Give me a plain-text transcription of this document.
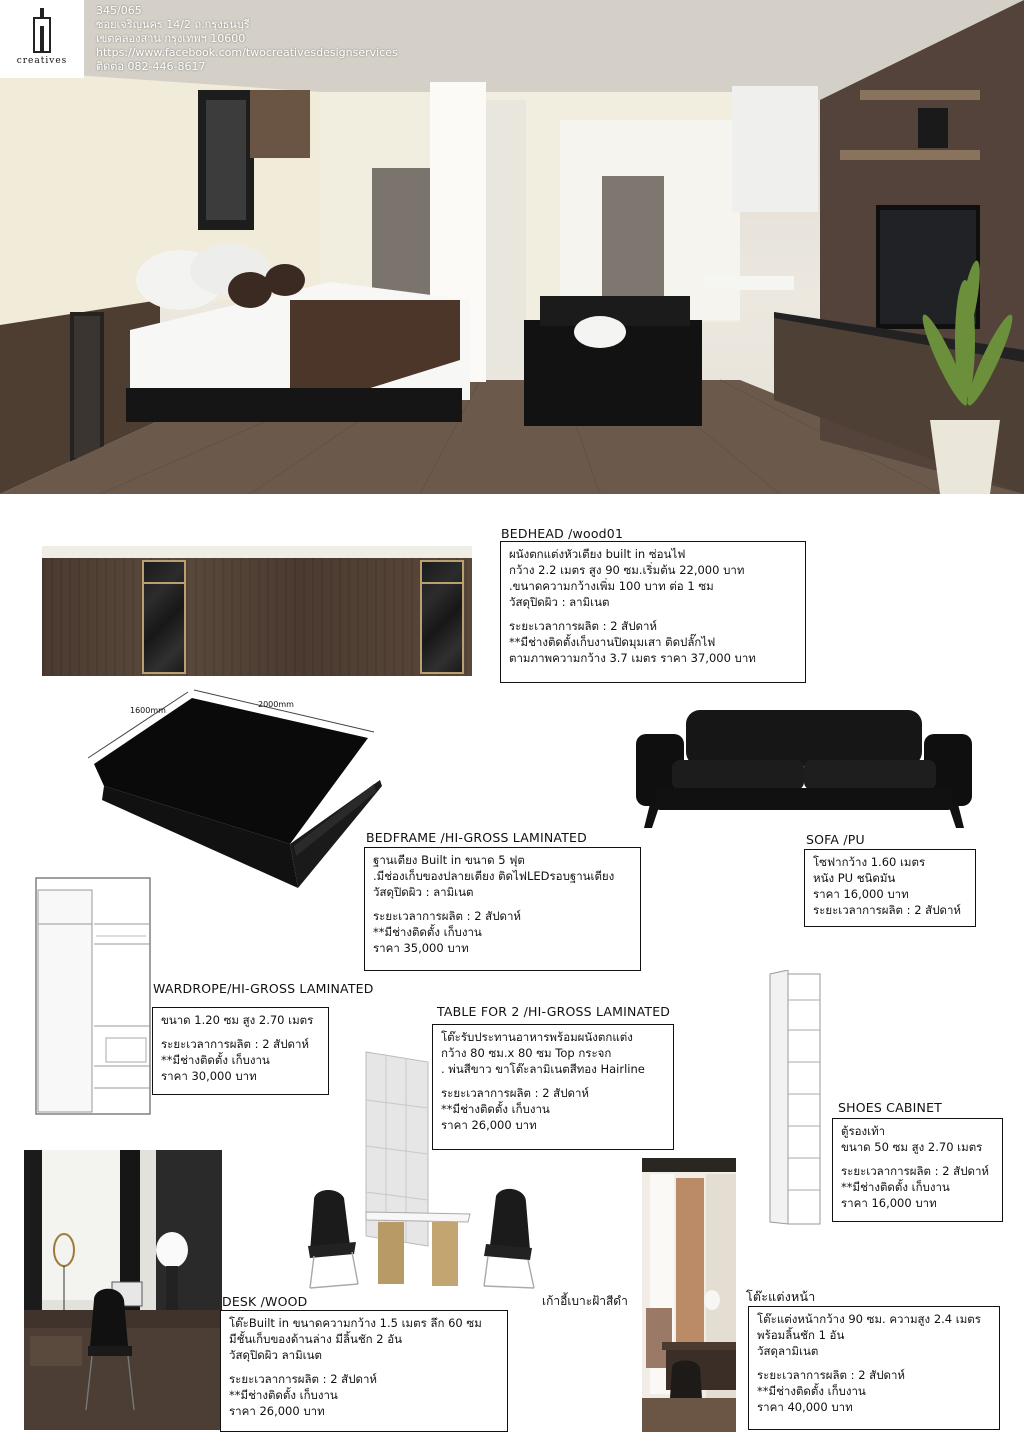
creatives
345/065
ซอยเจริญนคร 14/2 ถ.กรุงธนบุรี
เขตคลองสาน กรุงเทพฯ 10600
https://www.facebook.com/twocreativesdesignservices
ติดต่อ 082-446-8617
BEDHEAD /wood01
ผนังตกแต่งหัวเตียง built in ซ่อนไฟ
กว้าง 2.2 เมตร สูง 90 ซม.เริ่มต้น 22,000 บาท
.ขนาดความกว้างเพิ่ม 100 บาท ต่อ 1 ซม
วัสดุปิดผิว : ลามิเนต
ระยะเวลาการผลิต : 2 สัปดาห์
**มีช่างติดตั้งเก็บงานปิดมุมเสา ติดปลั๊กไฟ
ตามภาพความกว้าง 3.7 เมตร ราคา 37,000 บาท
1600mm
2000mm
BEDFRAME /HI-GROSS LAMINATED
ฐานเตียง Built in ขนาด 5 ฟุต
.มีช่องเก็บของปลายเตียง ติดไฟLEDรอบฐานเตียง
วัสดุปิดผิว : ลามิเนต
ระยะเวลาการผลิต : 2 สัปดาห์
**มีช่างติดตั้ง เก็บงาน
ราคา 35,000 บาท
SOFA /PU
โซฟากว้าง 1.60 เมตร
หนัง PU ชนิดมัน
ราคา 16,000 บาท
ระยะเวลาการผลิต : 2 สัปดาห์
WARDROPE/HI-GROSS LAMINATED
ขนาด 1.20 ซม สูง 2.70 เมตร
ระยะเวลาการผลิต : 2 สัปดาห์
**มีช่างติดตั้ง เก็บงาน
ราคา 30,000 บาท
TABLE FOR 2 /HI-GROSS LAMINATED
โต๊ะรับประทานอาหารพร้อมผนังตกแต่ง
กว้าง 80 ซม.x 80 ซม Top กระจก
. พ่นสีขาว ขาโต๊ะลามิเนตสีทอง Hairline
ระยะเวลาการผลิต : 2 สัปดาห์
**มีช่างติดตั้ง เก็บงาน
ราคา 26,000 บาท
เก้าอี้เบาะฝ้าสีดำ
SHOES CABINET
ตู้รองเท้า
ขนาด 50 ซม สูง 2.70 เมตร
ระยะเวลาการผลิต : 2 สัปดาห์
**มีช่างติดตั้ง เก็บงาน
ราคา 16,000 บาท
DESK /WOOD
โต๊ะBuilt in ขนาดความกว้าง 1.5 เมตร ลึก 60 ซม
มีชั้นเก็บของด้านล่าง มีลิ้นชัก 2 อัน
วัสดุปิดผิว ลามิเนต
ระยะเวลาการผลิต : 2 สัปดาห์
**มีช่างติดตั้ง เก็บงาน
ราคา 26,000 บาท
โต๊ะแต่งหน้า
โต๊ะแต่งหน้ากว้าง 90 ซม. ความสูง 2.4 เมตร
พร้อมลิ้นชัก 1 อัน
วัสดุลามิเนต
ระยะเวลาการผลิต : 2 สัปดาห์
**มีช่างติดตั้ง เก็บงาน
ราคา 40,000 บาท
